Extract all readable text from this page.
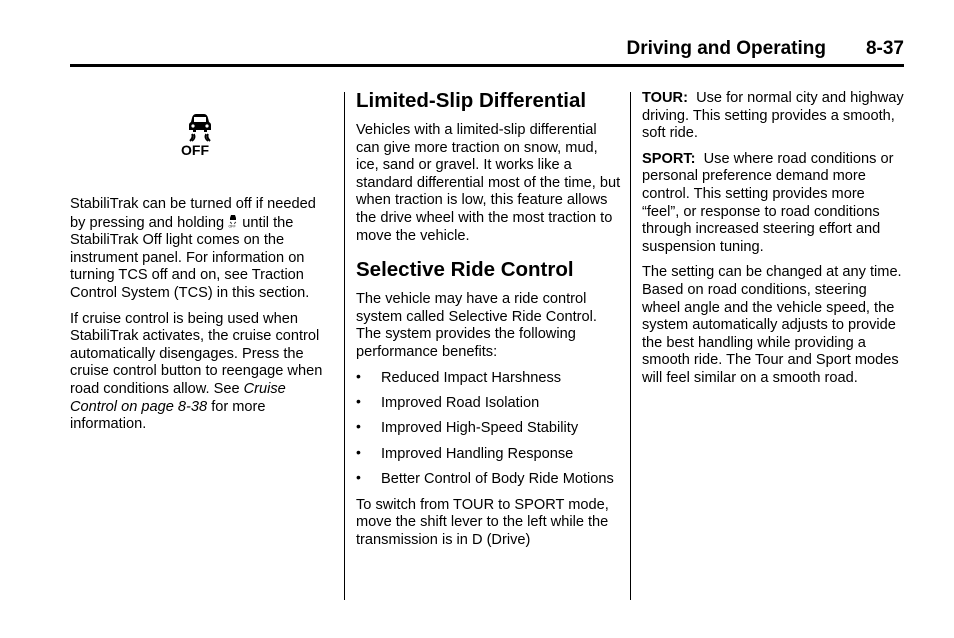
Driving and Operating 8-37
OFF

StabiliTrak can be turned off if needed by pressing and holding OFF until the StabiliTrak Off light comes on the instrument panel. For information on turning TCS off and on, see Traction Control System (TCS) in this section.

If cruise control is being used when StabiliTrak activates, the cruise control automatically disengages. Press the cruise control button to reengage when road conditions allow. See Cruise Control on page 8-38 for more information.

Limited-Slip Differential

Vehicles with a limited-slip differential can give more traction on snow, mud, ice, sand or gravel. It works like a standard differential most of the time, but when traction is low, this feature allows the drive wheel with the most traction to move the vehicle.

Selective Ride Control

The vehicle may have a ride control system called Selective Ride Control. The system provides the following performance benefits:

• Reduced Impact Harshness
• Improved Road Isolation
• Improved High-Speed Stability
• Improved Handling Response
• Better Control of Body Ride Motions

To switch from TOUR to SPORT mode, move the shift lever to the left while the transmission is in D (Drive)

TOUR: Use for normal city and highway driving. This setting provides a smooth, soft ride.

SPORT: Use where road conditions or personal preference demand more control. This setting provides more “feel”, or response to road conditions through increased steering effort and suspension tuning.

The setting can be changed at any time. Based on road conditions, steering wheel angle and the vehicle speed, the system automatically adjusts to provide the best handling while providing a smooth ride. The Tour and Sport modes will feel similar on a smooth road.
